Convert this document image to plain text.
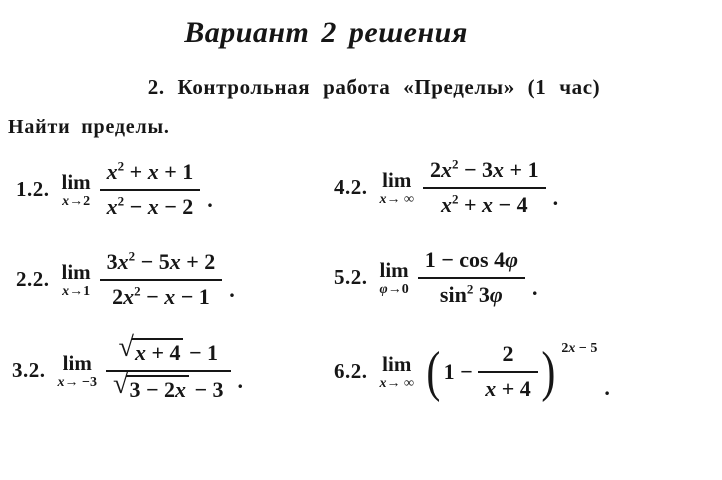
Вариант 2 решения
2. Контрольная работа «Пределы» (1 час)
Найти пределы.
1.2. lim
$x\to 2 \frac{x^2 + x + 1}{x^2 - x - 2}$ .	4.2. lim
x→ ∞ $\frac{2x^2 - 3x + 1}{x^2 + x - 4}$ .
2.2. lim
$x\to 1 \frac{3x^2 - 5x + 2}{2x^2 - x - 1}$ .	5.2. lim
$\varphi\to 0 \frac{1 - \cos 4\varphi}{\sin^2 3\varphi}$ .
3.2. lim
$x\to -3 \frac{√ x + 4 - 1}{√ 3 - 2x - 3}$ .	6.2. lim
x→ ∞ ( $1 - \frac{2}{x + 4}$ ) 2x − 5
.
